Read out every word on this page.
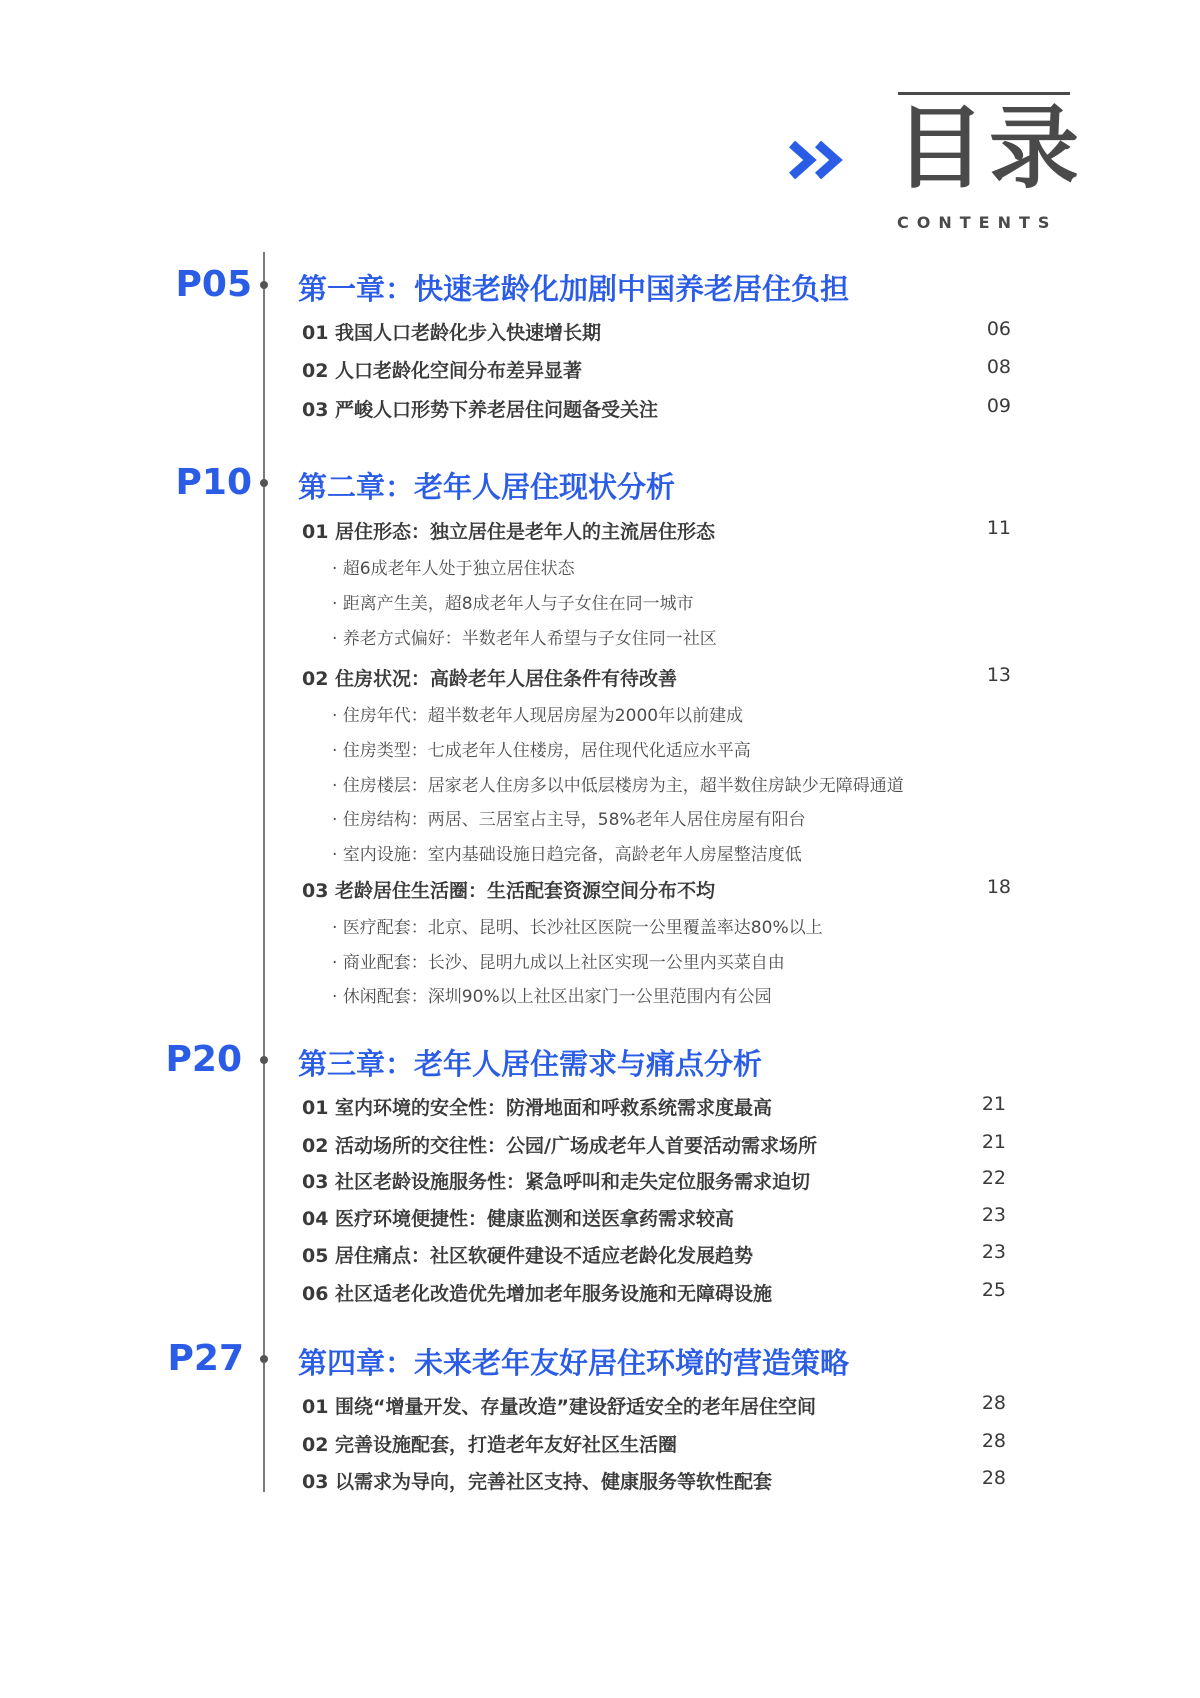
目录
CONTENTS
P05 第一章：快速老龄化加剧中国养老居住负担
01 我国人口老龄化步入快速增长期	06
02 人口老龄化空间分布差异显著	08
03 严峻人口形势下养老居住问题备受关注	09
P10 第二章：老年人居住现状分析
01 居住形态：独立居住是老年人的主流居住形态	11
· 超6成老年人处于独立居住状态
· 距离产生美，超8成老年人与子女住在同一城市
· 养老方式偏好：半数老年人希望与子女住同一社区
02 住房状况：高龄老年人居住条件有待改善	13
· 住房年代：超半数老年人现居房屋为2000年以前建成
· 住房类型：七成老年人住楼房，居住现代化适应水平高
· 住房楼层：居家老人住房多以中低层楼房为主，超半数住房缺少无障碍通道
· 住房结构：两居、三居室占主导，58%老年人居住房屋有阳台
· 室内设施：室内基础设施日趋完备，高龄老年人房屋整洁度低
03 老龄居住生活圈：生活配套资源空间分布不均	18
· 医疗配套：北京、昆明、长沙社区医院一公里覆盖率达80%以上
· 商业配套：长沙、昆明九成以上社区实现一公里内买菜自由
· 休闲配套：深圳90%以上社区出家门一公里范围内有公园
P20 第三章：老年人居住需求与痛点分析
01 室内环境的安全性：防滑地面和呼救系统需求度最高	21
02 活动场所的交往性：公园/广场成老年人首要活动需求场所	21
03 社区老龄设施服务性：紧急呼叫和走失定位服务需求迫切	22
04 医疗环境便捷性：健康监测和送医拿药需求较高	23
05 居住痛点：社区软硬件建设不适应老龄化发展趋势	23
06 社区适老化改造优先增加老年服务设施和无障碍设施	25
P27 第四章：未来老年友好居住环境的营造策略
01 围绕“增量开发、存量改造”建设舒适安全的老年居住空间	28
02 完善设施配套，打造老年友好社区生活圈	28
03 以需求为导向，完善社区支持、健康服务等软性配套	28
